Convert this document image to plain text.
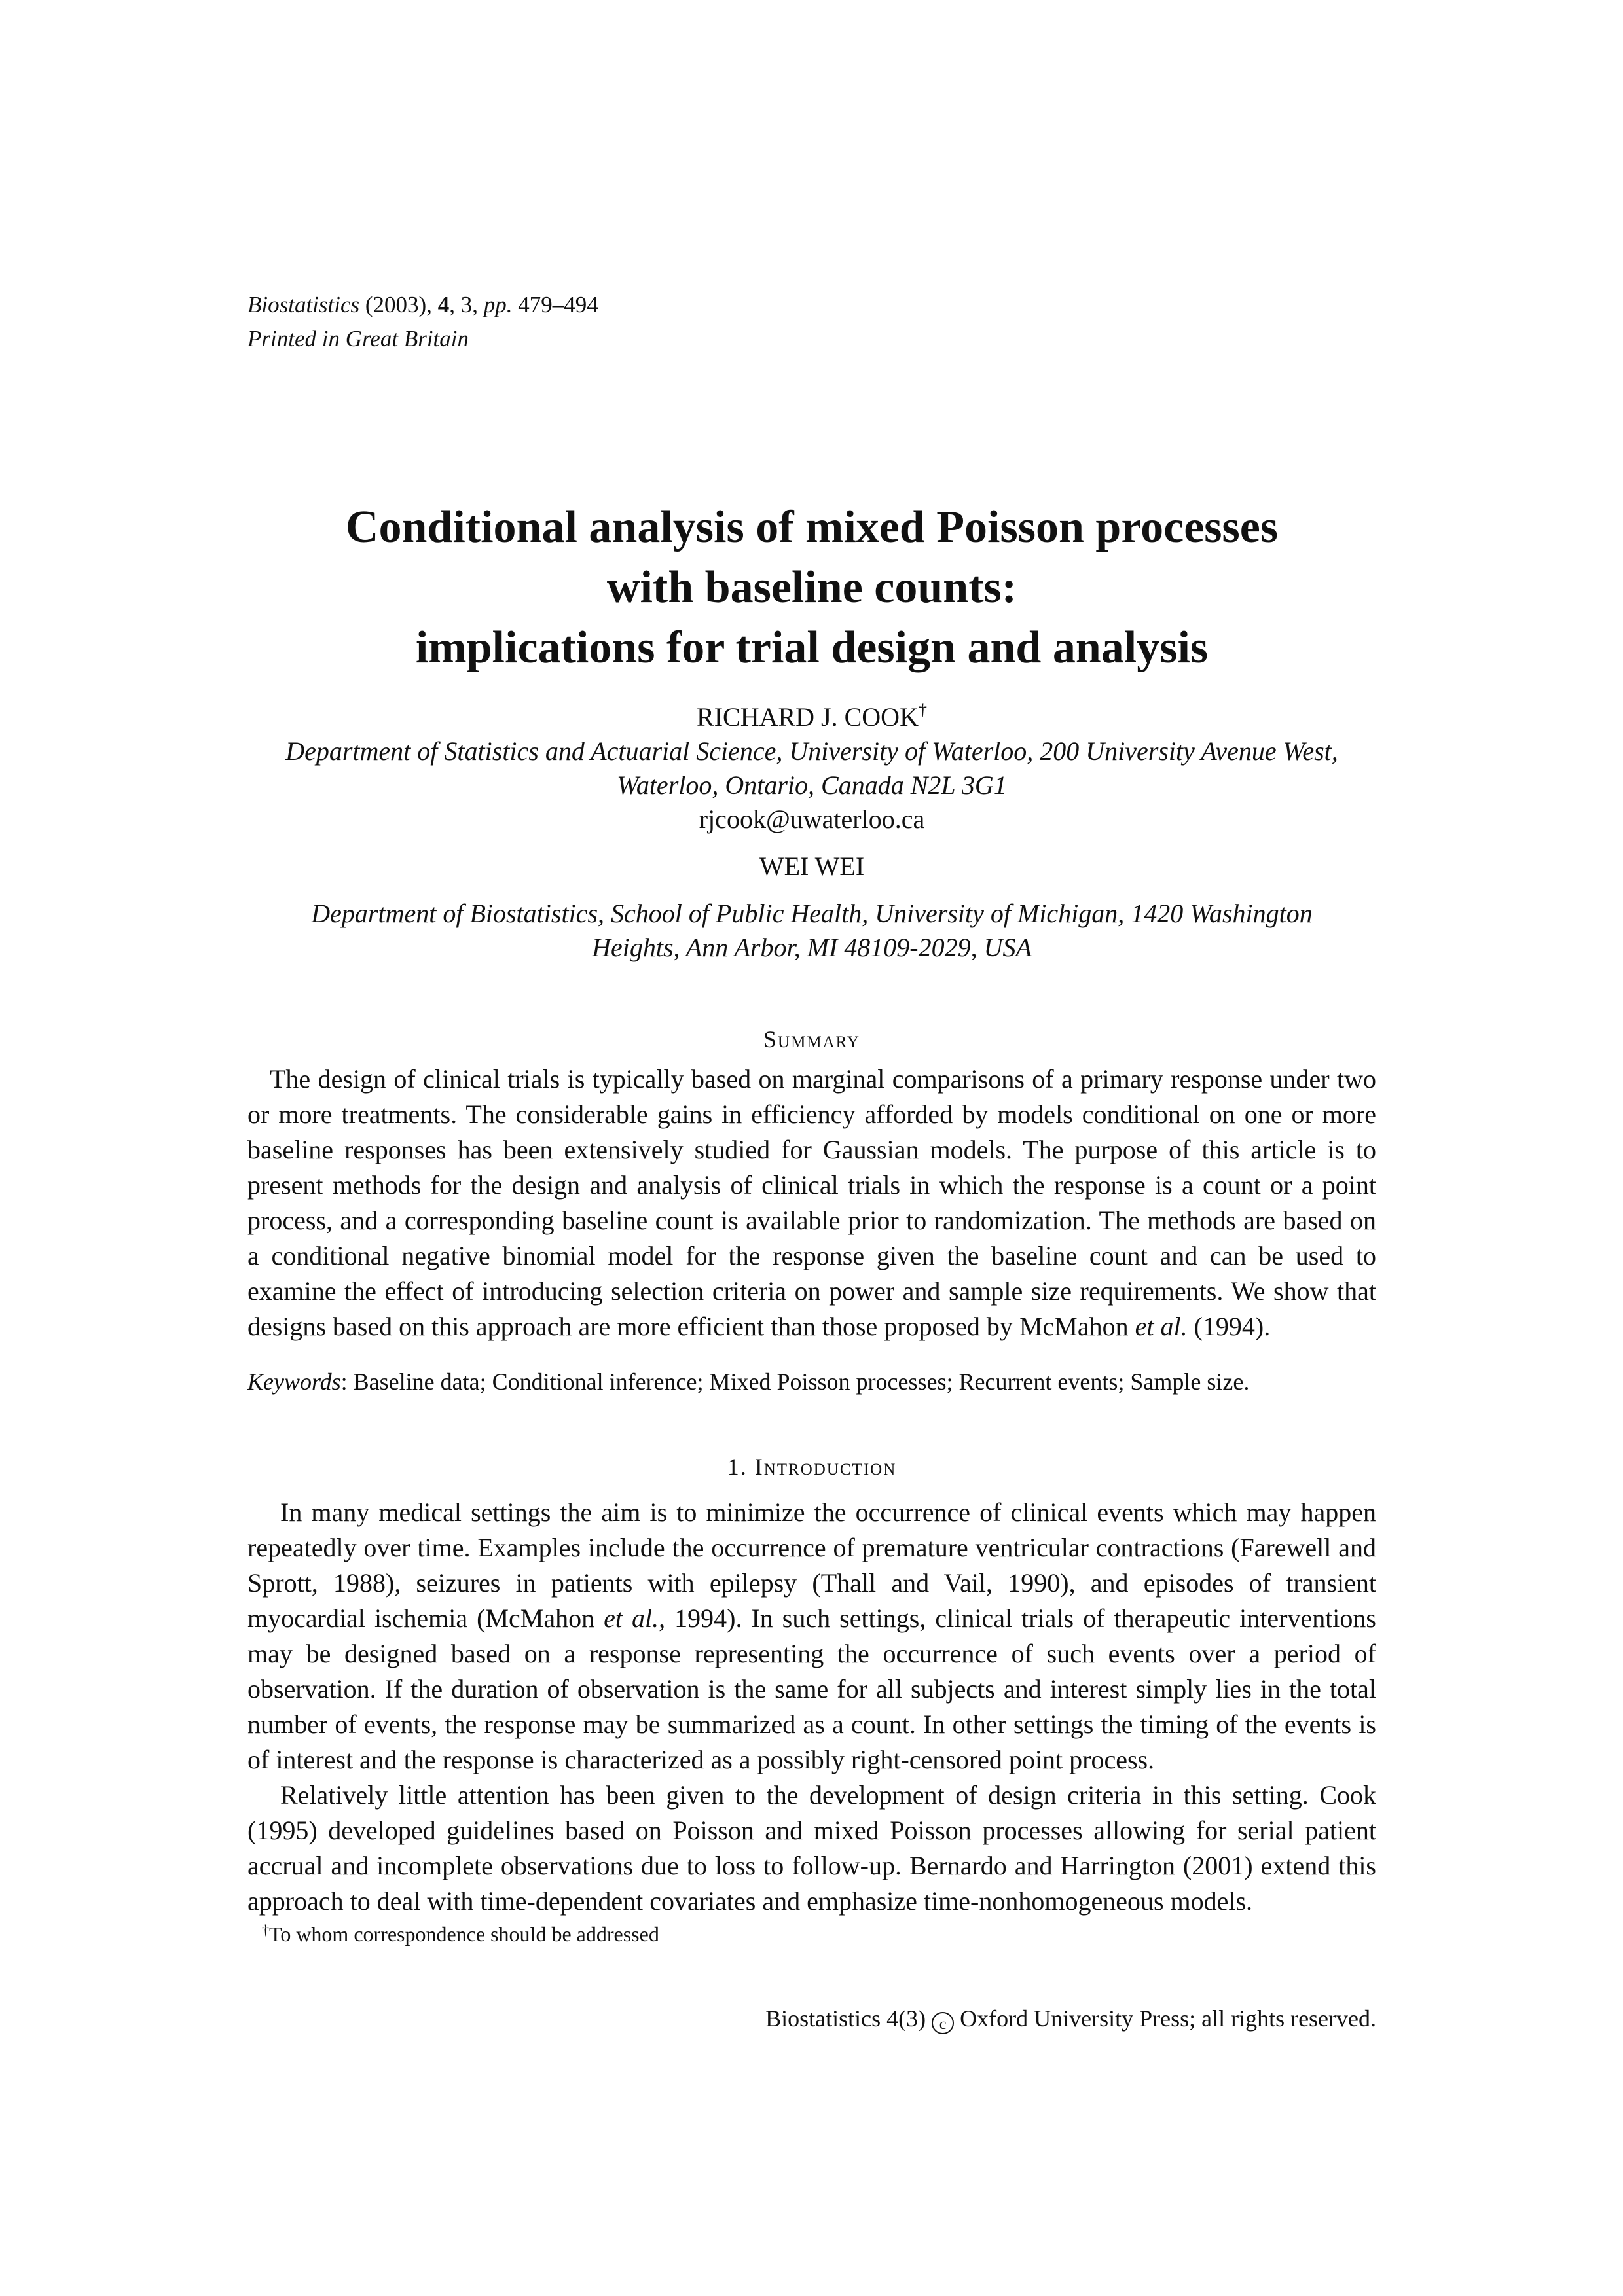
Biostatistics (2003), 4, 3, pp. 479–494
Printed in Great Britain
Conditional analysis of mixed Poisson processes
with baseline counts:
implications for trial design and analysis

RICHARD J. COOK†

Department of Statistics and Actuarial Science, University of Waterloo, 200 University Avenue West,

Waterloo, Ontario, Canada N2L 3G1

rjcook@uwaterloo.ca

WEI WEI

Department of Biostatistics, School of Public Health, University of Michigan, 1420 Washington

Heights, Ann Arbor, MI 48109-2029, USA

Summary
The design of clinical trials is typically based on marginal comparisons of a primary response under two or more treatments. The considerable gains in efficiency afforded by models conditional on one or more baseline responses has been extensively studied for Gaussian models. The purpose of this article is to present methods for the design and analysis of clinical trials in which the response is a count or a point process, and a corresponding baseline count is available prior to randomization. The methods are based on a conditional negative binomial model for the response given the baseline count and can be used to examine the effect of introducing selection criteria on power and sample size requirements. We show that designs based on this approach are more efficient than those proposed by McMahon et al. (1994).
Keywords: Baseline data; Conditional inference; Mixed Poisson processes; Recurrent events; Sample size.
1. Introduction

In many medical settings the aim is to minimize the occurrence of clinical events which may happen repeatedly over time. Examples include the occurrence of premature ventricular contractions (Farewell and Sprott, 1988), seizures in patients with epilepsy (Thall and Vail, 1990), and episodes of transient myocardial ischemia (McMahon et al., 1994). In such settings, clinical trials of therapeutic interventions may be designed based on a response representing the occurrence of such events over a period of observation. If the duration of observation is the same for all subjects and interest simply lies in the total number of events, the response may be summarized as a count. In other settings the timing of the events is of interest and the response is characterized as a possibly right-censored point process.

Relatively little attention has been given to the development of design criteria in this setting. Cook (1995) developed guidelines based on Poisson and mixed Poisson processes allowing for serial patient accrual and incomplete observations due to loss to follow-up. Bernardo and Harrington (2001) extend this approach to deal with time-dependent covariates and emphasize time-nonhomogeneous models.

†To whom correspondence should be addressed
Biostatistics 4(3) c Oxford University Press; all rights reserved.
